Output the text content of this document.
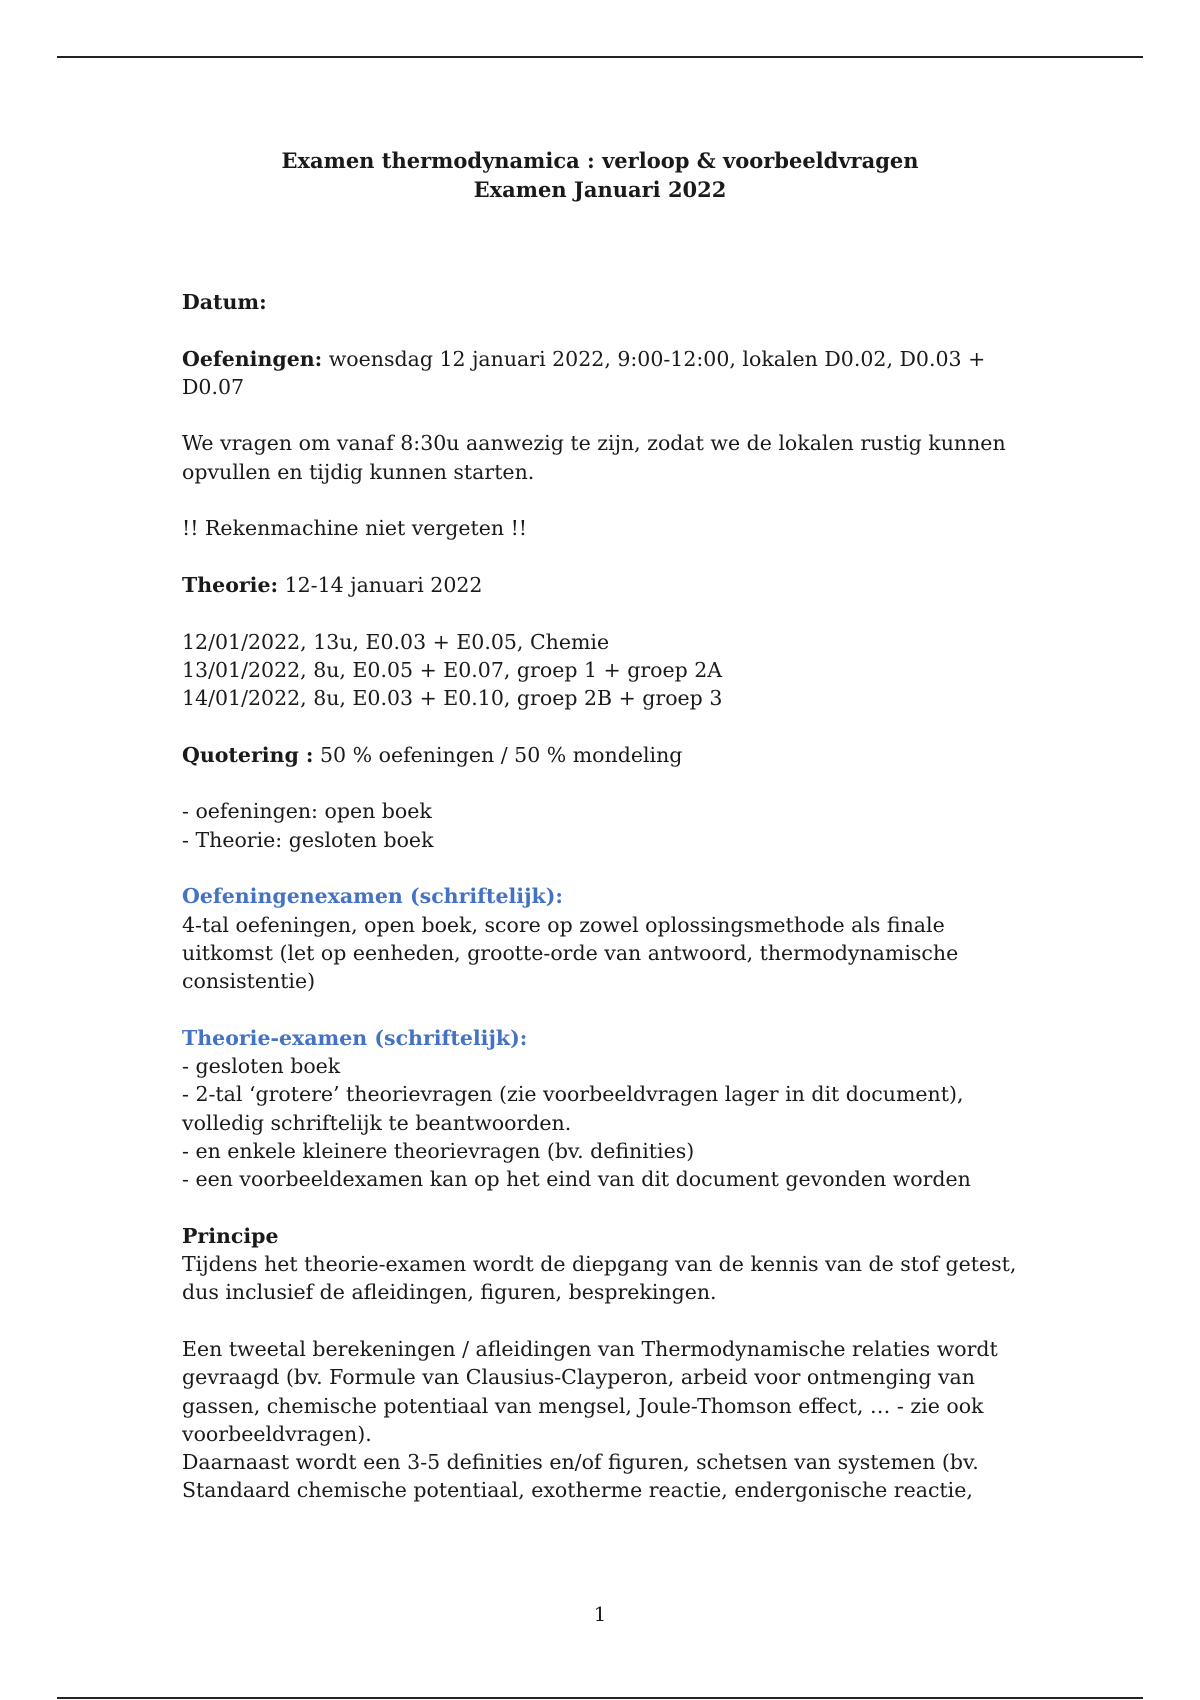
Examen thermodynamica : verloop & voorbeeldvragen
Examen Januari 2022

Datum:

Oefeningen: woensdag 12 januari 2022, 9:00-12:00, lokalen D0.02, D0.03 + D0.07

We vragen om vanaf 8:30u aanwezig te zijn, zodat we de lokalen rustig kunnen opvullen en tijdig kunnen starten.

!! Rekenmachine niet vergeten !!

Theorie: 12-14 januari 2022

12/01/2022, 13u, E0.03 + E0.05, Chemie
13/01/2022, 8u, E0.05 + E0.07, groep 1 + groep 2A
14/01/2022, 8u, E0.03 + E0.10, groep 2B + groep 3

Quotering : 50 % oefeningen / 50 % mondeling

- oefeningen: open boek
- Theorie: gesloten boek

Oefeningenexamen (schriftelijk):
4-tal oefeningen, open boek, score op zowel oplossingsmethode als finale uitkomst (let op eenheden, grootte-orde van antwoord, thermodynamische consistentie)

Theorie-examen (schriftelijk):
- gesloten boek
- 2-tal ‘grotere’ theorievragen (zie voorbeeldvragen lager in dit document), volledig schriftelijk te beantwoorden.
- en enkele kleinere theorievragen (bv. definities)
- een voorbeeldexamen kan op het eind van dit document gevonden worden

Principe
Tijdens het theorie-examen wordt de diepgang van de kennis van de stof getest, dus inclusief de afleidingen, figuren, besprekingen.

Een tweetal berekeningen / afleidingen van Thermodynamische relaties wordt gevraagd (bv. Formule van Clausius-Clayperon, arbeid voor ontmenging van gassen, chemische potentiaal van mengsel, Joule-Thomson effect, … - zie ook voorbeeldvragen).
Daarnaast wordt een 3-5 definities en/of figuren, schetsen van systemen (bv. Standaard chemische potentiaal, exotherme reactie, endergonische reactie,

1
